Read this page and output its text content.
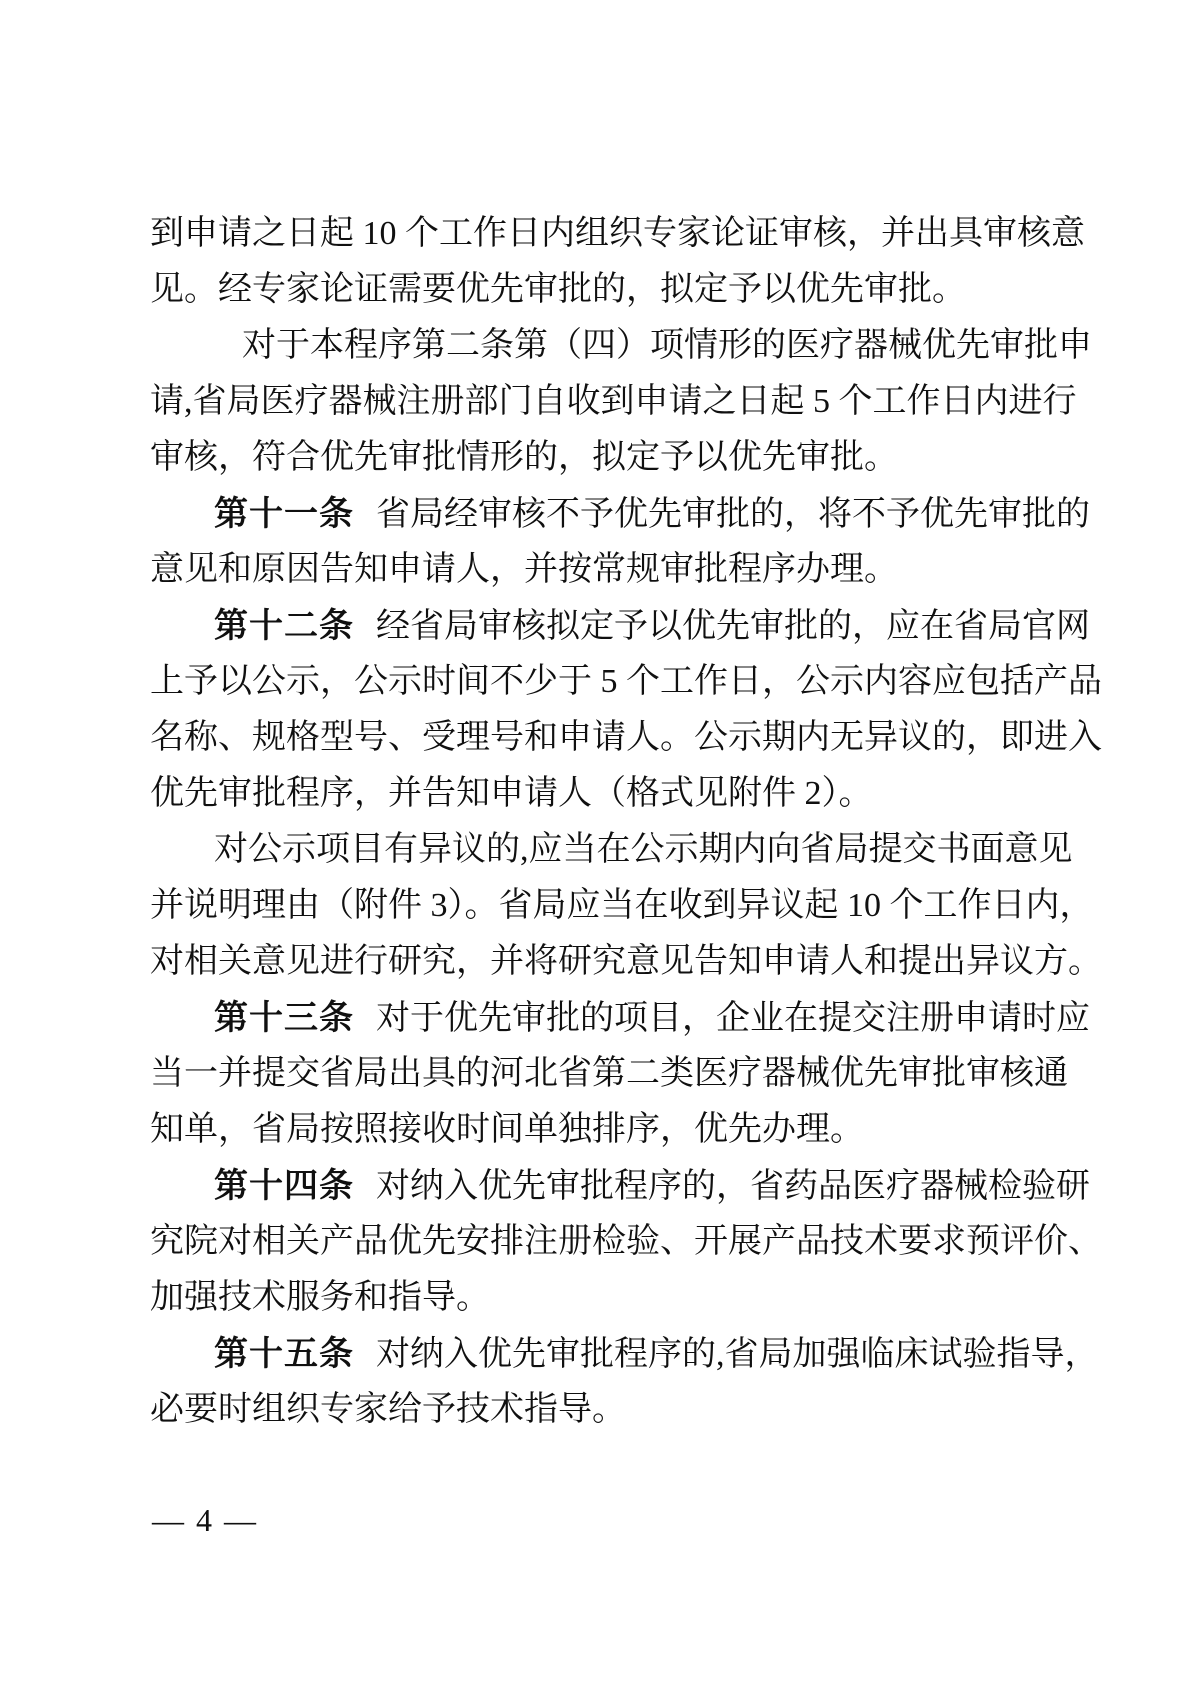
到申请之日起 10 个工作日内组织专家论证审核，并出具审核意
见。经专家论证需要优先审批的，拟定予以优先审批。
对于本程序第二条第（四）项情形的医疗器械优先审批申
请,省局医疗器械注册部门自收到申请之日起 5 个工作日内进行
审核，符合优先审批情形的，拟定予以优先审批。
第十一条 省局经审核不予优先审批的，将不予优先审批的
意见和原因告知申请人，并按常规审批程序办理。
第十二条 经省局审核拟定予以优先审批的，应在省局官网
上予以公示，公示时间不少于 5 个工作日，公示内容应包括产品
名称、规格型号、受理号和申请人。公示期内无异议的，即进入
优先审批程序，并告知申请人（格式见附件 2）。
对公示项目有异议的,应当在公示期内向省局提交书面意见
并说明理由（附件 3）。省局应当在收到异议起 10 个工作日内，
对相关意见进行研究，并将研究意见告知申请人和提出异议方。
第十三条 对于优先审批的项目，企业在提交注册申请时应
当一并提交省局出具的河北省第二类医疗器械优先审批审核通
知单，省局按照接收时间单独排序，优先办理。
第十四条 对纳入优先审批程序的，省药品医疗器械检验研
究院对相关产品优先安排注册检验、开展产品技术要求预评价、
加强技术服务和指导。
第十五条 对纳入优先审批程序的,省局加强临床试验指导，
必要时组织专家给予技术指导。
— 4 —
